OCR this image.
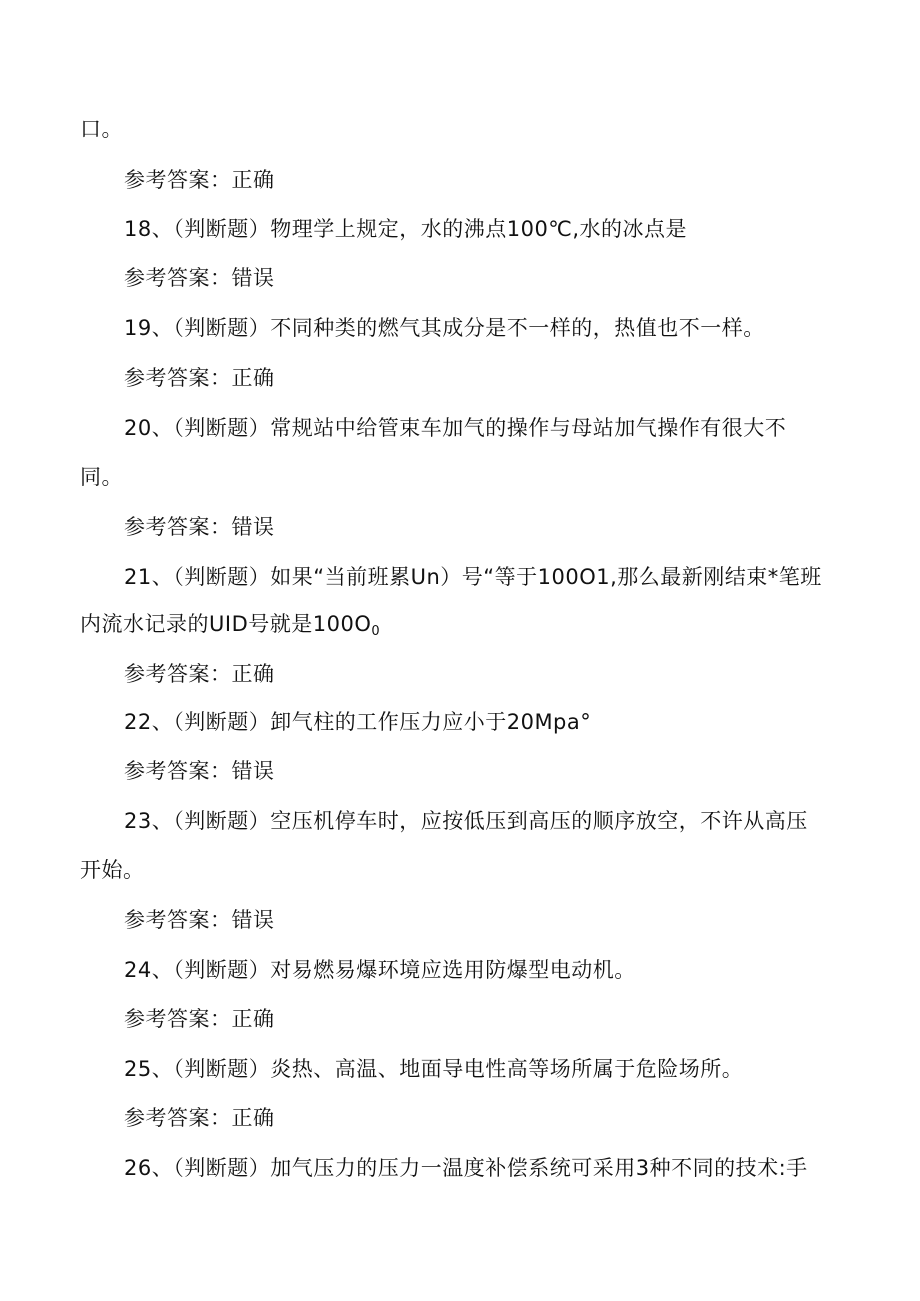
口。
参考答案：正确
18、（判断题）物理学上规定，水的沸点100℃,水的冰点是
参考答案：错误
19、（判断题）不同种类的燃气其成分是不一样的，热值也不一样。
参考答案：正确
20、（判断题）常规站中给管束车加气的操作与母站加气操作有很大不
同。
参考答案：错误
21、（判断题）如果“当前班累Un）号“等于100O1,那么最新刚结束*笔班
内流水记录的UID号就是$100O_0$
参考答案：正确
22、（判断题）卸气柱的工作压力应小于20Mpa°
参考答案：错误
23、（判断题）空压机停车时，应按低压到高压的顺序放空，不许从高压
开始。
参考答案：错误
24、（判断题）对易燃易爆环境应选用防爆型电动机。
参考答案：正确
25、（判断题）炎热、高温、地面导电性高等场所属于危险场所。
参考答案：正确
26、（判断题）加气压力的压力一温度补偿系统可采用3种不同的技术:手
